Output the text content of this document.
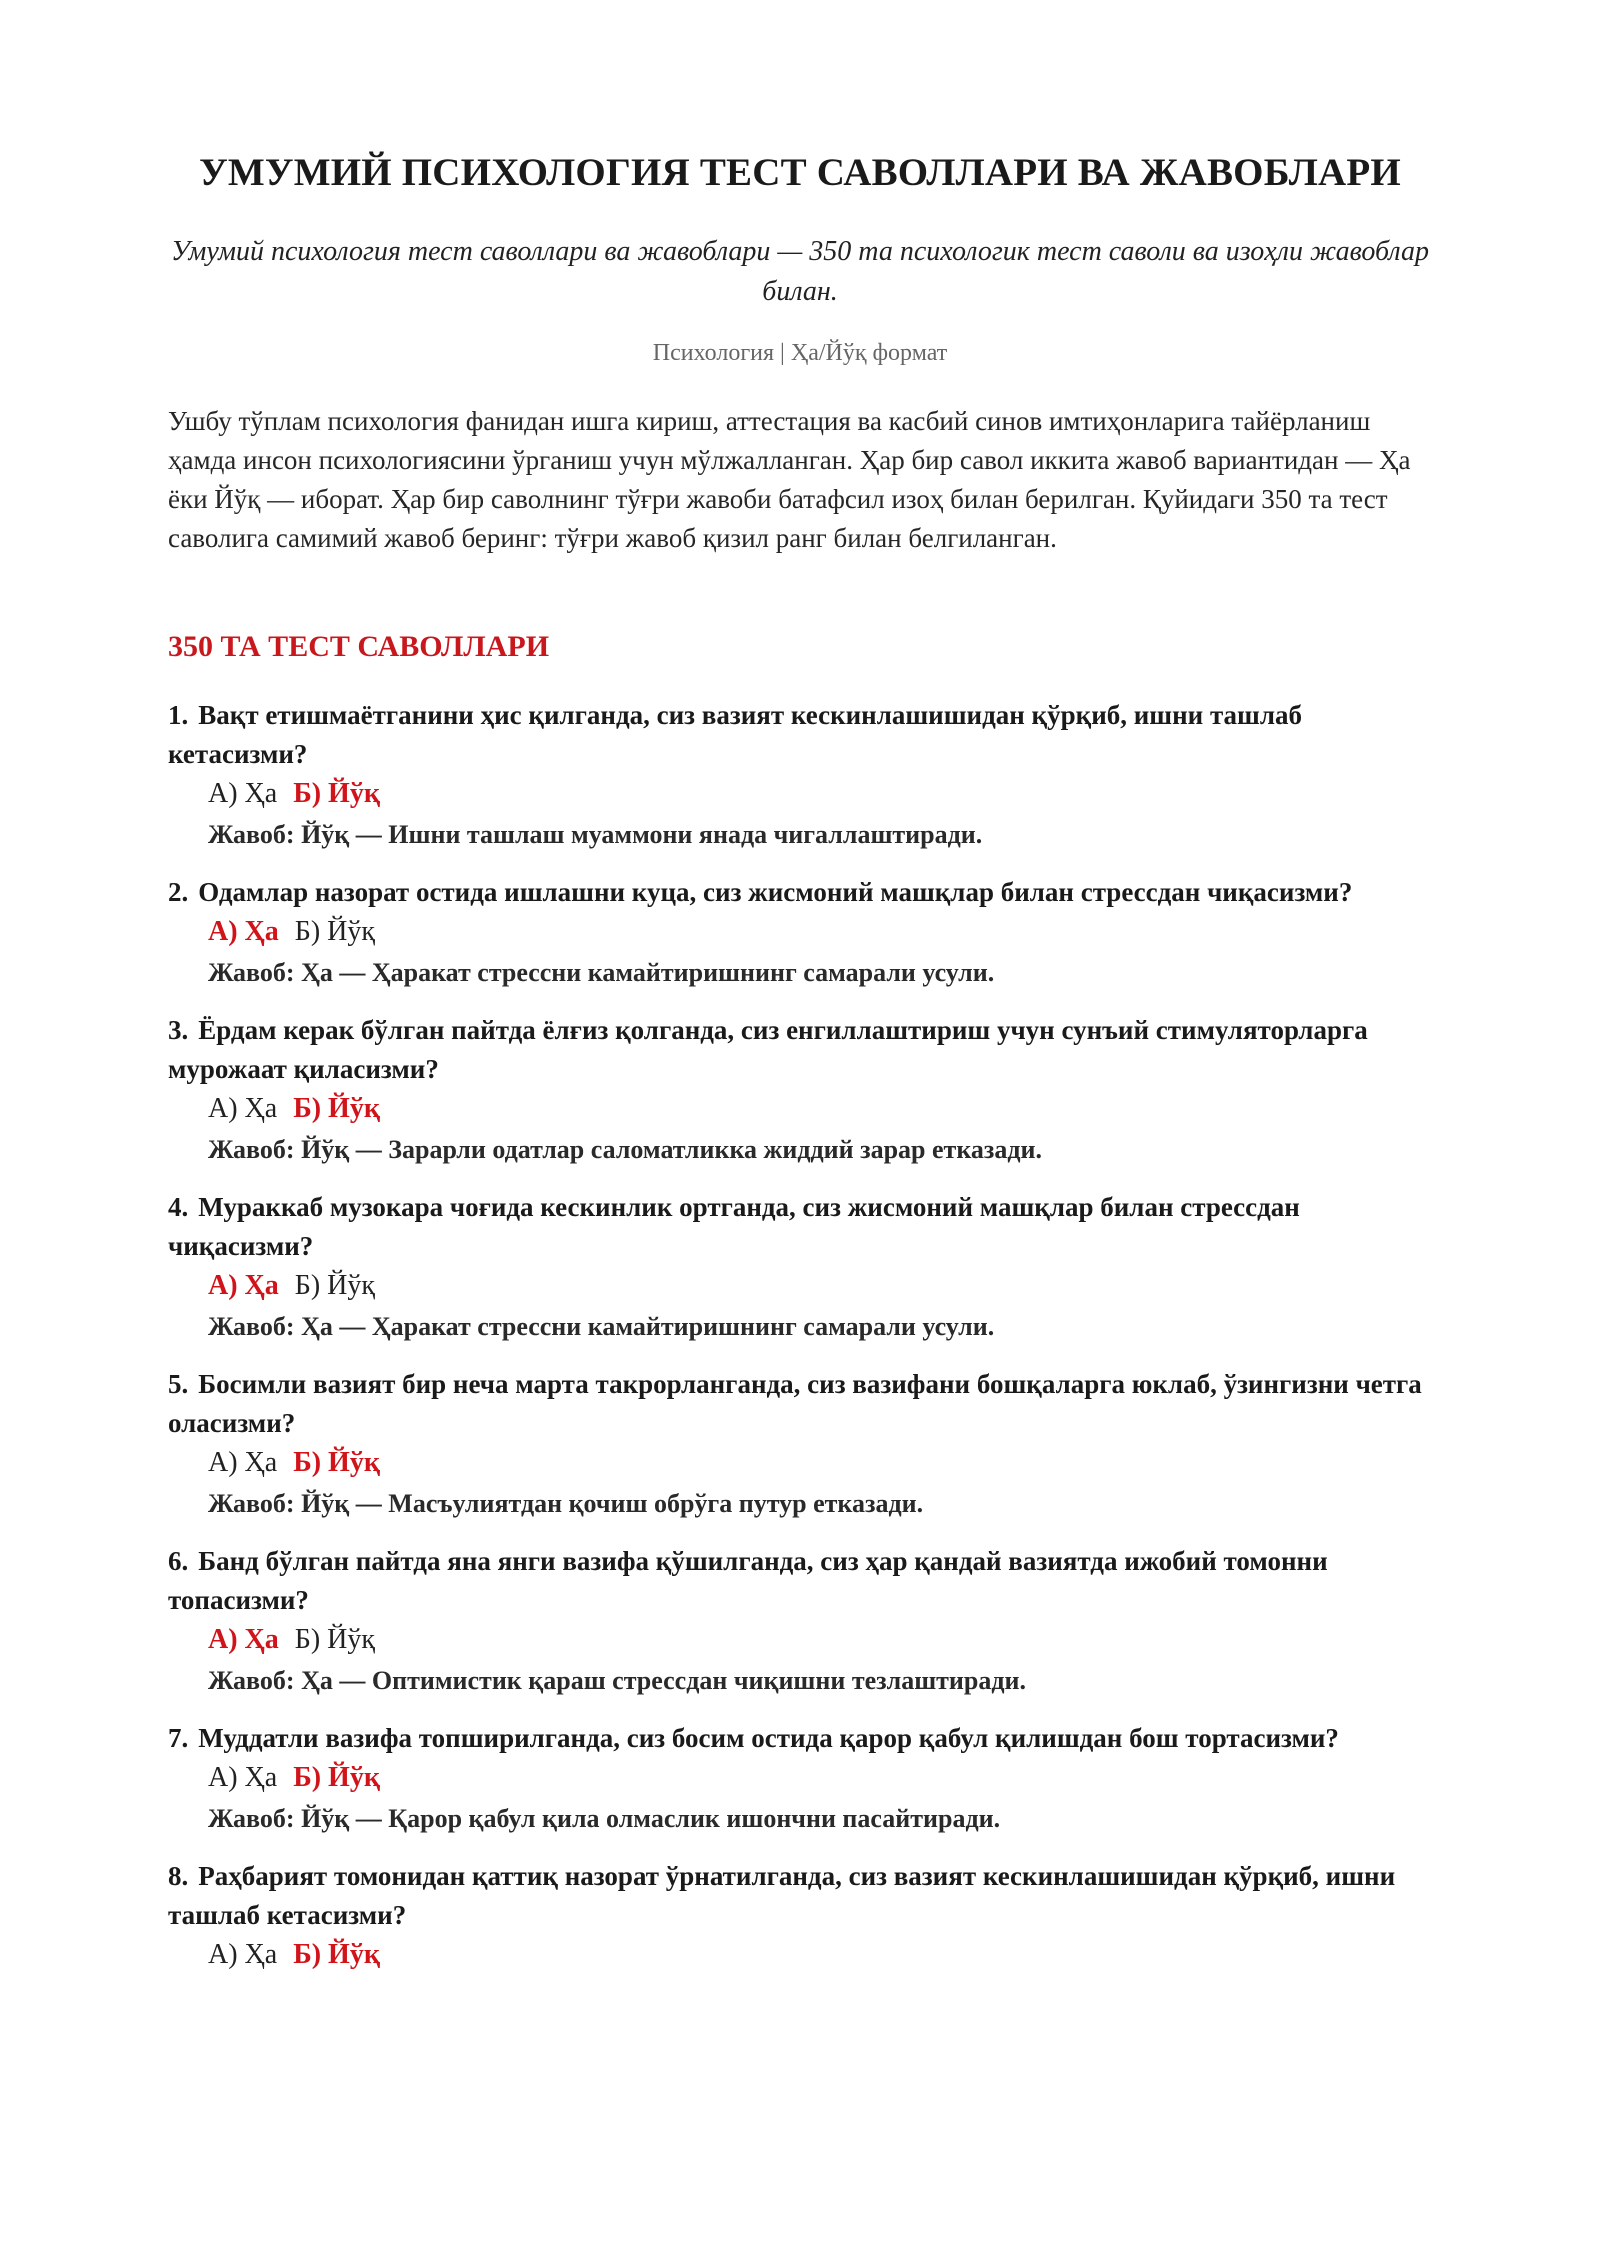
УМУМИЙ ПСИХОЛОГИЯ ТЕСТ САВОЛЛАРИ ВА ЖАВОБЛАРИ
Умумий психология тест саволлари ва жавоблари — 350 та психологик тест саволи ва изоҳли жавоблар билан.
Психология | Ҳа/Йўқ формат
Ушбу тўплам психология фанидан ишга кириш, аттестация ва касбий синов имтиҳонларига тайёрланиш ҳамда инсон психологиясини ўрганиш учун мўлжалланган. Ҳар бир савол иккита жавоб вариантидан — Ҳа ёки Йўқ — иборат. Ҳар бир саволнинг тўғри жавоби батафсил изоҳ билан берилган. Қуйидаги 350 та тест саволига самимий жавоб беринг: тўғри жавоб қизил ранг билан белгиланган.
350 ТА ТЕСТ САВОЛЛАРИ
1. Вақт етишмаётганини ҳис қилганда, сиз вазият кескинлашишидан қўрқиб, ишни ташлаб кетасизми?
А) Ҳа Б) Йўқ
Жавоб: Йўқ — Ишни ташлаш муаммони янада чигаллаштиради.
2. Одамлар назорат остида ишлашни куца, сиз жисмоний машқлар билан стрессдан чиқасизми?
А) Ҳа Б) Йўқ
Жавоб: Ҳа — Ҳаракат стрессни камайтиришнинг самарали усули.
3. Ёрдам керак бўлган пайтда ёлғиз қолганда, сиз енгиллаштириш учун сунъий стимуляторларга мурожаат қиласизми?
А) Ҳа Б) Йўқ
Жавоб: Йўқ — Зарарли одатлар саломатликка жиддий зарар етказади.
4. Мураккаб музокара чоғида кескинлик ортганда, сиз жисмоний машқлар билан стрессдан чиқасизми?
А) Ҳа Б) Йўқ
Жавоб: Ҳа — Ҳаракат стрессни камайтиришнинг самарали усули.
5. Босимли вазият бир неча марта такрорланганда, сиз вазифани бошқаларга юклаб, ўзингизни четга оласизми?
А) Ҳа Б) Йўқ
Жавоб: Йўқ — Масъулиятдан қочиш обрўга путур етказади.
6. Банд бўлган пайтда яна янги вазифа қўшилганда, сиз ҳар қандай вазиятда ижобий томонни топасизми?
А) Ҳа Б) Йўқ
Жавоб: Ҳа — Оптимистик қараш стрессдан чиқишни тезлаштиради.
7. Муддатли вазифа топширилганда, сиз босим остида қарор қабул қилишдан бош тортасизми?
А) Ҳа Б) Йўқ
Жавоб: Йўқ — Қарор қабул қила олмаслик ишончни пасайтиради.
8. Раҳбарият томонидан қаттиқ назорат ўрнатилганда, сиз вазият кескинлашишидан қўрқиб, ишни ташлаб кетасизми?
А) Ҳа Б) Йўқ
